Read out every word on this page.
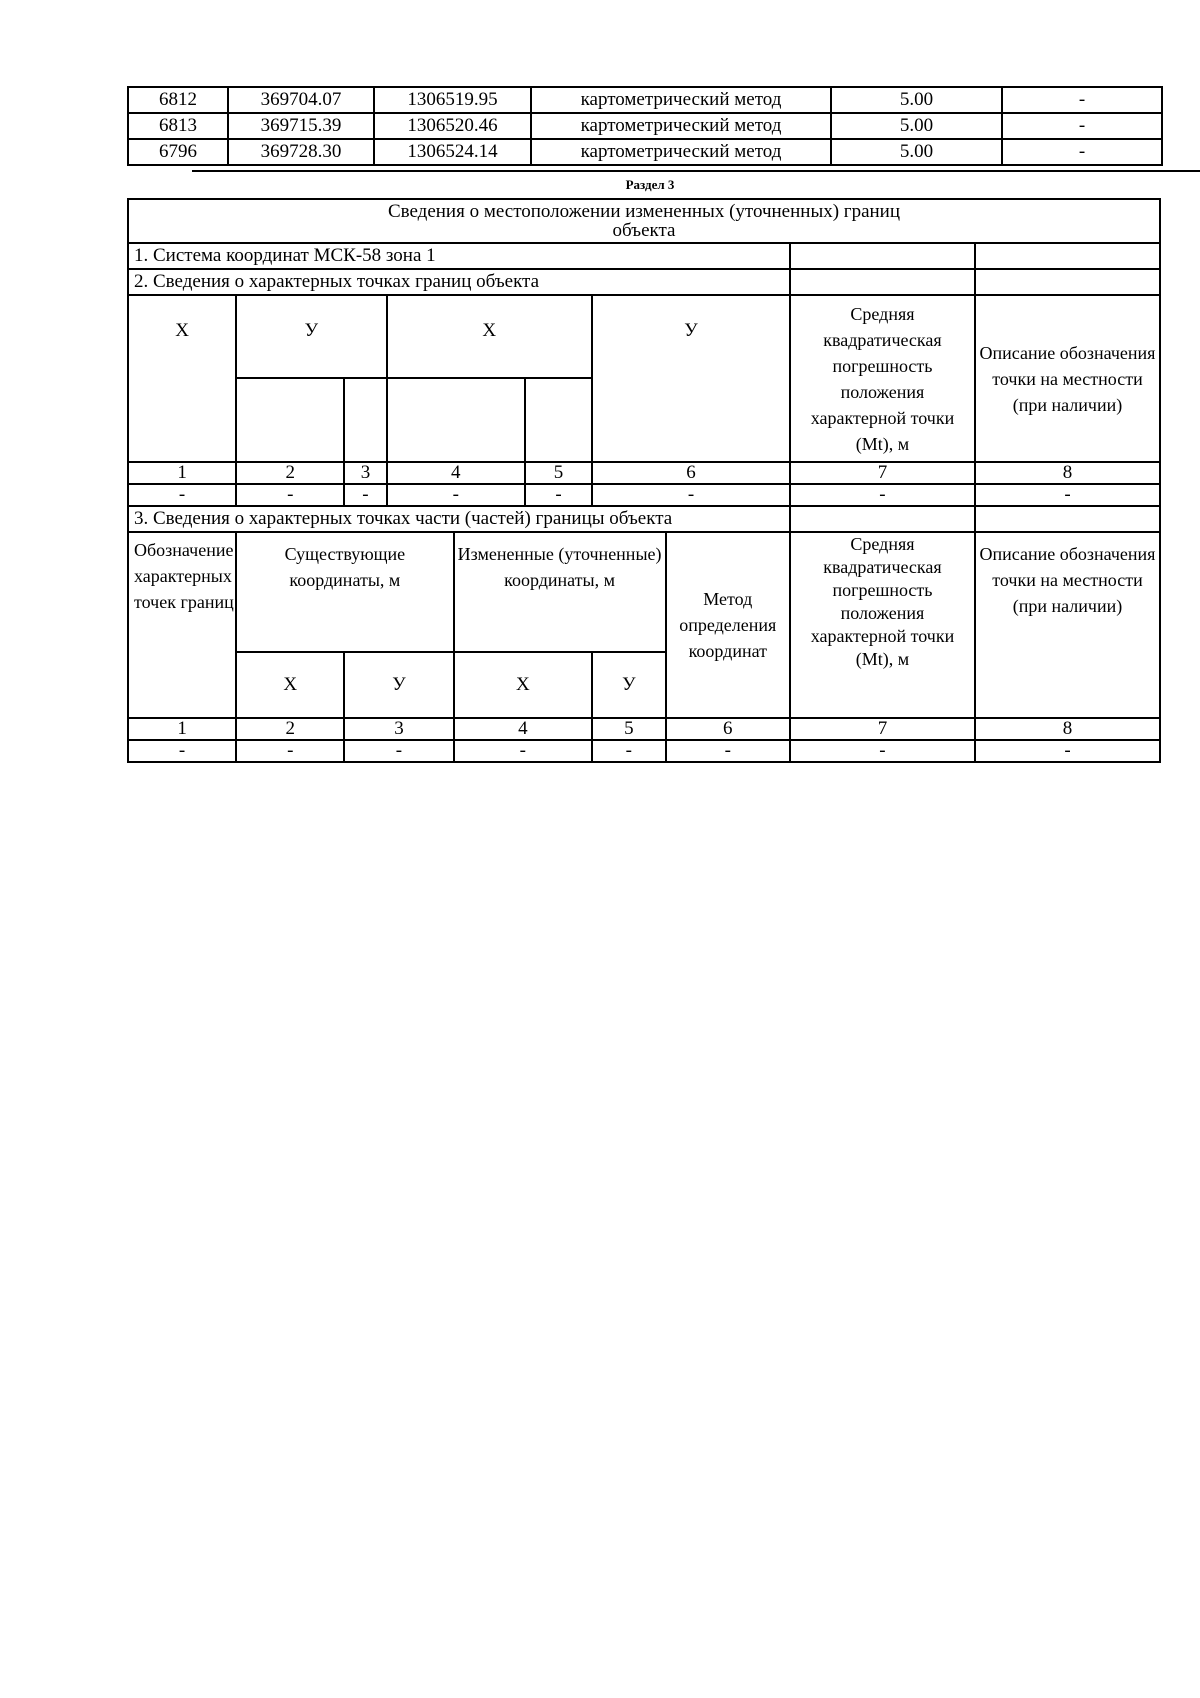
6812	369704.07	1306519.95	картометрический метод	5.00	-
6813	369715.39	1306520.46	картометрический метод	5.00	-
6796	369728.30	1306524.14	картометрический метод	5.00	-
Раздел 3
Сведения о местоположении измененных (уточненных) границ
объекта									

1. Система координат МСК-58 зона 1									
2. Сведения о характерных точках границ объекта									
X	У		X			У		Средняя квадратическая погрешность положения характерной точки (Mt), м	Описание обозначения точки на местности (при наличии)

1	2	3	4		5	6		7	8
-	-	-	-		-	-		-	-
3. Сведения о характерных точках части (частей) границы объекта									
Обозначение характерных точек границ	Существующие координаты, м			Измененные (уточненные) координаты, м			Метод определения координат	Средняя квадратическая погрешность положения характерной точки (Mt), м	Описание обозначения точки на местности (при наличии)
	X	У		X		У			
1	2	3		4		5	6	7	8
-	-	-		-		-	-	-	-
